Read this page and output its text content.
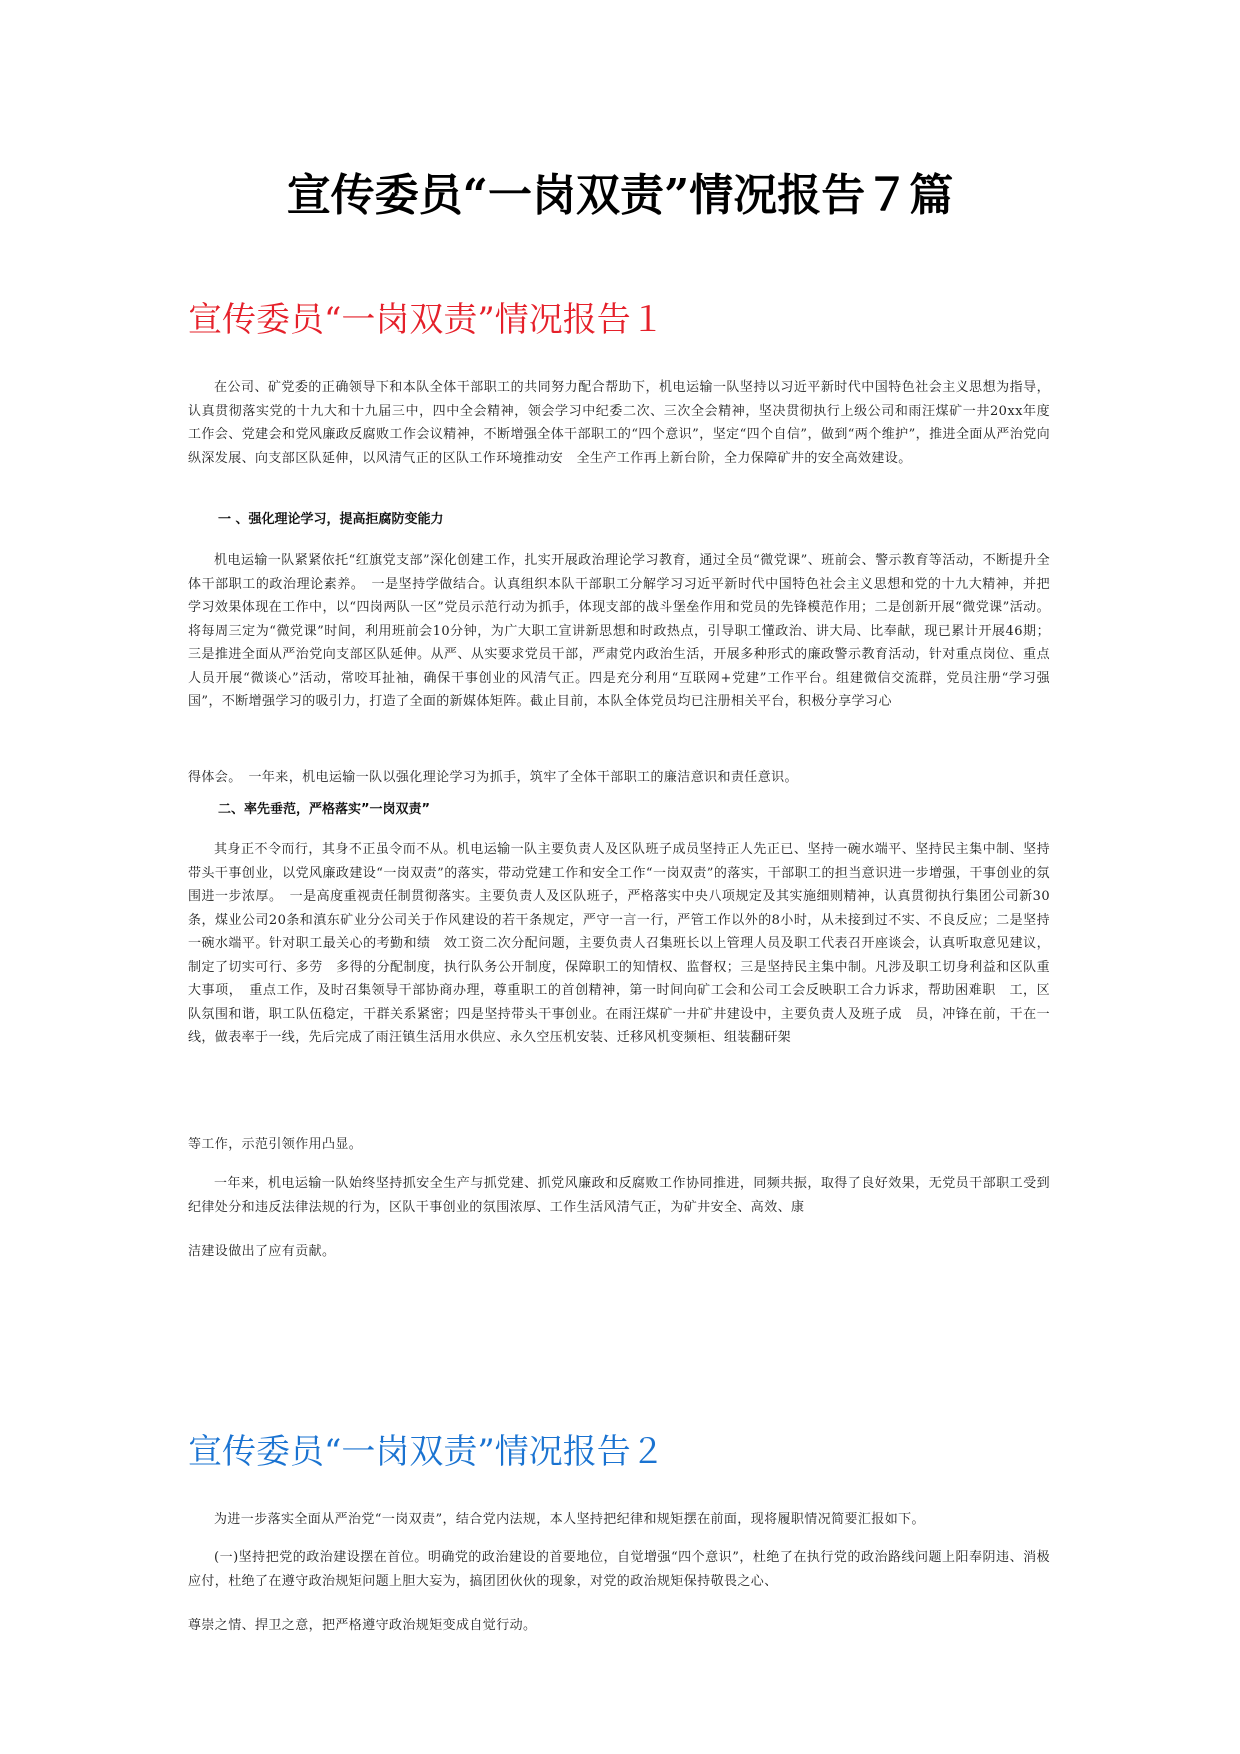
宣传委员“一岗双责”情况报告７篇
宣传委员“一岗双责”情况报告１

在公司、矿党委的正确领导下和本队全体干部职工的共同努力配合帮助下，机电运输一队坚持以习近平新时代中国特色社会主义思想为指导，认真贯彻落实党的十九大和十九届三中，四中全会精神，领会学习中纪委二次、三次全会精神，坚决贯彻执行上级公司和雨汪煤矿一井20xx年度工作会、党建会和党风廉政反腐败工作会议精神，不断增强全体干部职工的“四个意识”，坚定“四个自信”，做到“两个维护”，推进全面从严治党向纵深发展、向支部区队延伸，以风清气正的区队工作环境推动安　全生产工作再上新台阶，全力保障矿井的安全高效建设。

一 、强化理论学习，提高拒腐防变能力

机电运输一队紧紧依托“红旗党支部”深化创建工作，扎实开展政治理论学习教育，通过全员“微党课”、班前会、警示教育等活动，不断提升全体干部职工的政治理论素养。　一是坚持学做结合。认真组织本队干部职工分解学习习近平新时代中国特色社会主义思想和党的十九大精神，并把学习效果体现在工作中，以“四岗两队一区”党员示范行动为抓手，体现支部的战斗堡垒作用和党员的先锋模范作用；二是创新开展“微党课”活动。将每周三定为“微党课”时间，利用班前会10分钟，为广大职工宣讲新思想和时政热点，引导职工懂政治、讲大局、比奉献，现已累计开展46期；三是推进全面从严治党向支部区队延伸。从严、从实要求党员干部，严肃党内政治生活，开展多种形式的廉政警示教育活动，针对重点岗位、重点人员开展“微谈心”活动，常咬耳扯袖，确保干事创业的风清气正。四是充分利用“互联网+党建”工作平台。组建微信交流群，党员注册“学习强国”，不断增强学习的吸引力，打造了全面的新媒体矩阵。截止目前，本队全体党员均已注册相关平台，积极分享学习心

得体会。　一年来，机电运输一队以强化理论学习为抓手，筑牢了全体干部职工的廉洁意识和责任意识。

二、率先垂范，严格落实”一岗双责”

其身正不令而行，其身不正虽令而不从。机电运输一队主要负责人及区队班子成员坚持正人先正已、坚持一碗水端平、坚持民主集中制、坚持带头干事创业，以党风廉政建设“一岗双责”的落实，带动党建工作和安全工作“一岗双责”的落实，干部职工的担当意识进一步增强，干事创业的氛围进一步浓厚。　一是高度重视责任制贯彻落实。主要负责人及区队班子，严格落实中央八项规定及其实施细则精神，认真贯彻执行集团公司新30条，煤业公司20条和滇东矿业分公司关于作风建设的若干条规定，严守一言一行，严管工作以外的8小时，从未接到过不实、不良反应；二是坚持一碗水端平。针对职工最关心的考勤和绩　效工资二次分配问题，主要负责人召集班长以上管理人员及职工代表召开座谈会，认真听取意见建议，制定了切实可行、多劳　多得的分配制度，执行队务公开制度，保障职工的知情权、监督权；三是坚持民主集中制。凡涉及职工切身利益和区队重大事项，　重点工作，及时召集领导干部协商办理，尊重职工的首创精神，第一时间向矿工会和公司工会反映职工合力诉求，帮助困难职　工，区队氛围和谐，职工队伍稳定，干群关系紧密；四是坚持带头干事创业。在雨汪煤矿一井矿井建设中，主要负责人及班子成　员，冲锋在前，干在一线，做表率于一线，先后完成了雨汪镇生活用水供应、永久空压机安装、迁移风机变频柜、组装翻矸架

等工作，示范引领作用凸显。

一年来，机电运输一队始终坚持抓安全生产与抓党建、抓党风廉政和反腐败工作协同推进，同频共振，取得了良好效果，无党员干部职工受到纪律处分和违反法律法规的行为，区队干事创业的氛围浓厚、工作生活风清气正，为矿井安全、高效、康

洁建设做出了应有贡献。

宣传委员“一岗双责”情况报告２

为进一步落实全面从严治党“一岗双责”，结合党内法规，本人坚持把纪律和规矩摆在前面，现将履职情况简要汇报如下。

(一)坚持把党的政治建设摆在首位。明确党的政治建设的首要地位，自觉增强“四个意识”，杜绝了在执行党的政治路线问题上阳奉阴违、消极应付，杜绝了在遵守政治规矩问题上胆大妄为，搞团团伙伙的现象，对党的政治规矩保持敬畏之心、

尊崇之情、捍卫之意，把严格遵守政治规矩变成自觉行动。
